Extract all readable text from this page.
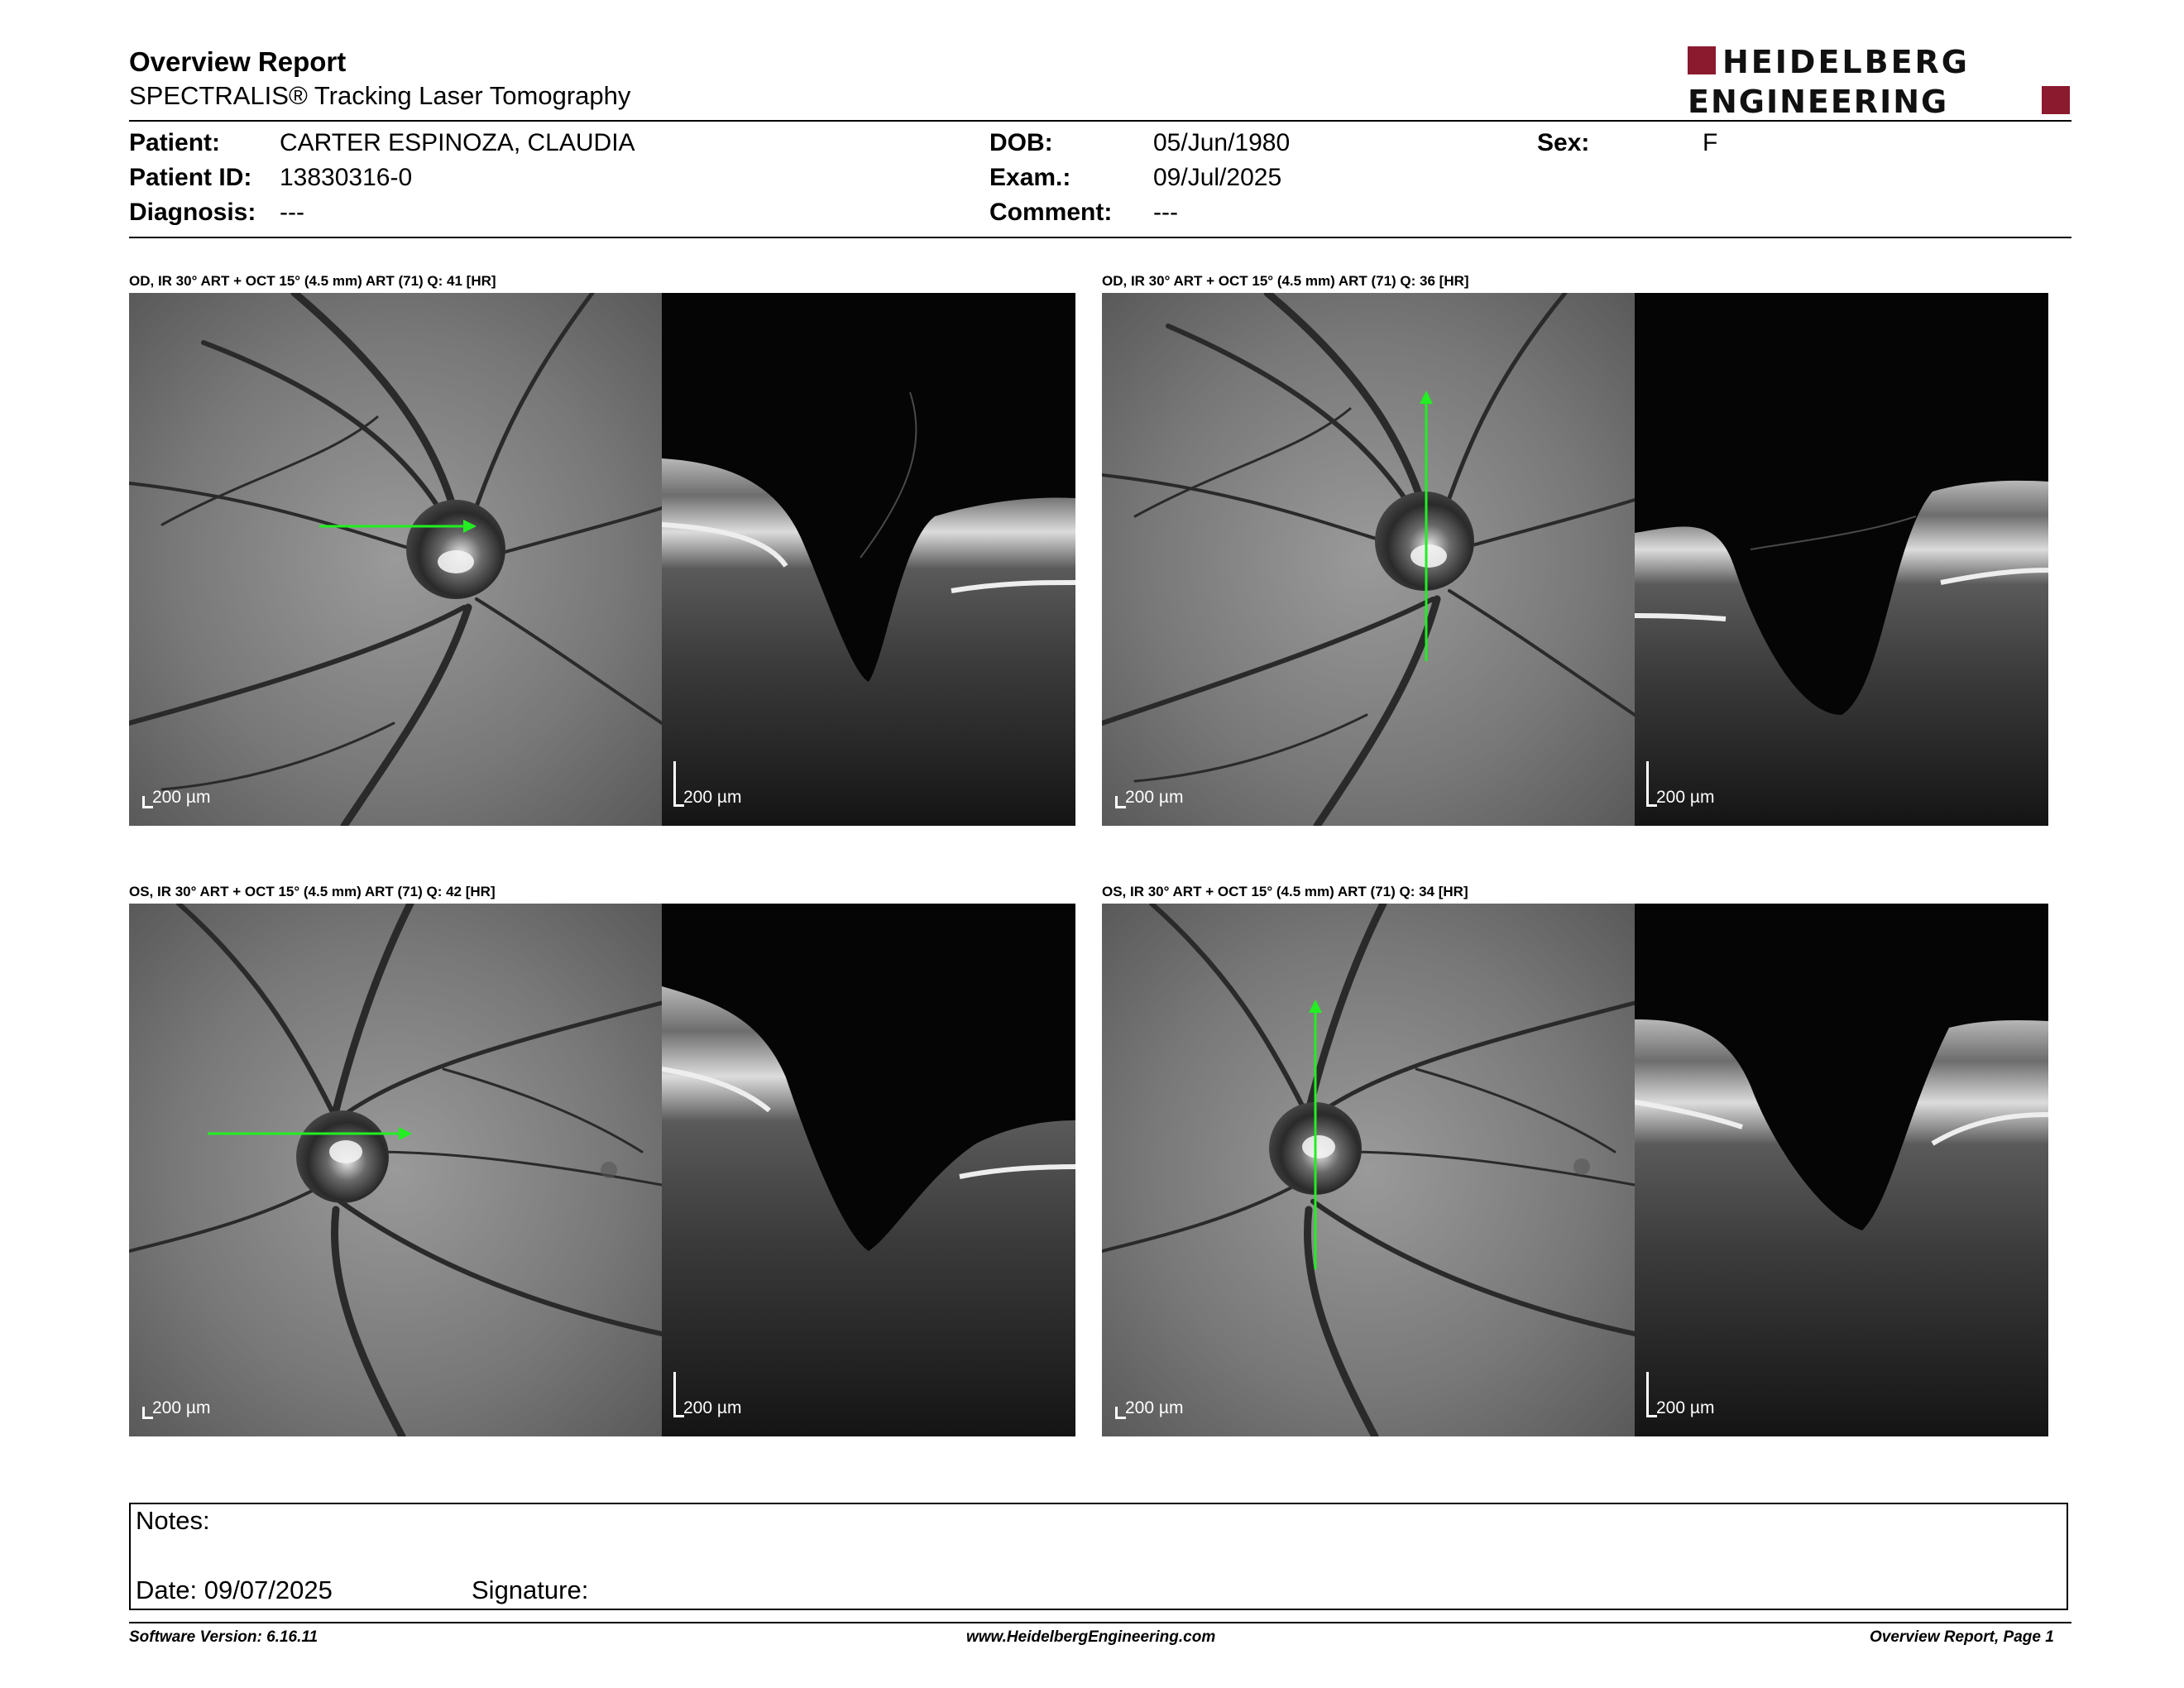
Overview Report
SPECTRALIS® Tracking Laser Tomography
HEIDELBERG
ENGINEERING
Patient: CARTER ESPINOZA, CLAUDIA
Patient ID: 13830316-0
Diagnosis: ---
DOB:	05/Jun/1980
Exam.:	09/Jul/2025
Comment: ---
Sex:	F
OD, IR 30° ART + OCT 15° (4.5 mm) ART (71) Q: 41 [HR]
200 µm	200 µm
OD, IR 30° ART + OCT 15° (4.5 mm) ART (71) Q: 36 [HR]
200 µm	200 µm
OS, IR 30° ART + OCT 15° (4.5 mm) ART (71) Q: 42 [HR]
200 µm	200 µm
OS, IR 30° ART + OCT 15° (4.5 mm) ART (71) Q: 34 [HR]
200 µm	200 µm
Notes:
Date: 09/07/2025	Signature:
Software Version: 6.16.11	www.HeidelbergEngineering.com	Overview Report, Page 1
